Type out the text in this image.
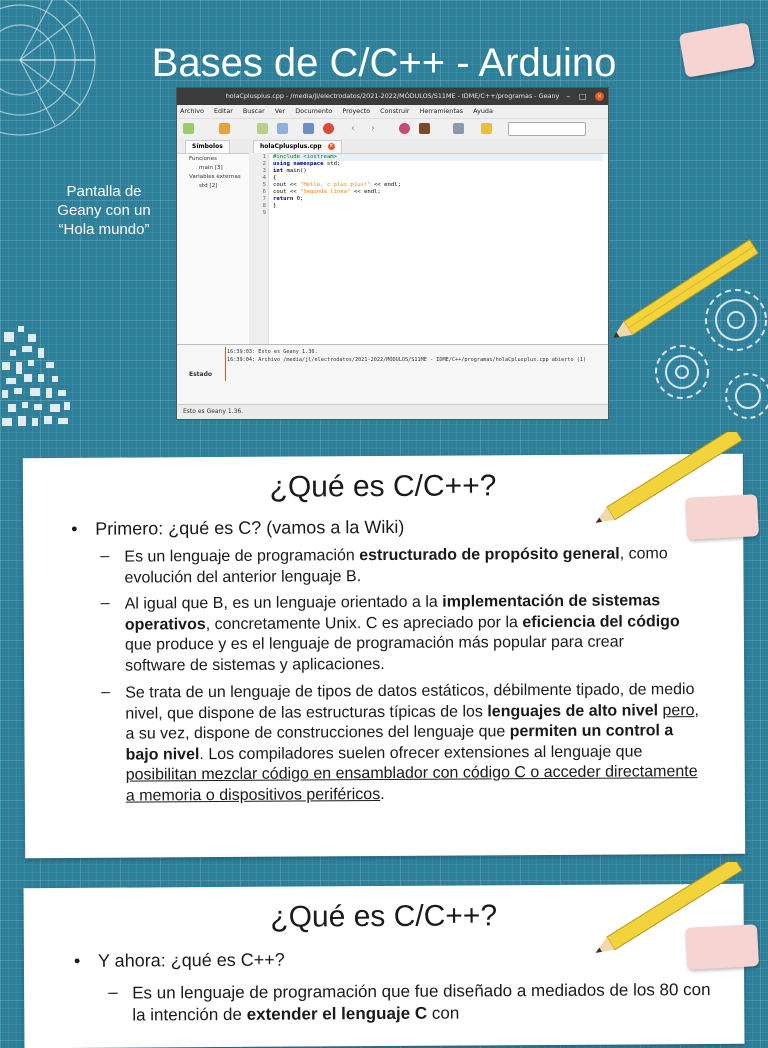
Bases de C/C++ - Arduino
Pantalla de
Geany con un
“Hola mundo”
holaCplusplus.cpp - /media/jl/electrodatos/2021-2022/MÓDULOS/S11ME - IDME/C++/programas - Geany – □ ×
Archivo Editar Buscar Ver Documento Proyecto Construir Herramientas Ayuda
‹	›
Símbolos
Funciones
main [3]
Variables externas
std [2]
holaCplusplus.cpp ×
1
2
3
4
5
6
7
8
9
#include <iostream>
using namespace std;
int main()
{
cout << "Hello, c plus plus!" << endl;
cout << "Segunda línea" << endl;
return 0;
}
Estado
16:39:03: Esto es Geany 1.36.
16:39:04: Archivo /media/jl/electrodatos/2021-2022/MÓDULOS/S11ME - IDME/C++/programas/holaCplusplus.cpp abierto (1)
Esto es Geany 1.36.
¿Qué es C/C++?
• Primero: ¿qué es C? (vamos a la Wiki)
– Es un lenguaje de programación estructurado de propósito general, como evolución del anterior lenguaje B.
– Al igual que B, es un lenguaje orientado a la implementación de sistemas operativos, concretamente Unix. C es apreciado por la eficiencia del código que produce y es el lenguaje de programación más popular para crear software de sistemas y aplicaciones.
– Se trata de un lenguaje de tipos de datos estáticos, débilmente tipado, de medio nivel, que dispone de las estructuras típicas de los lenguajes de alto nivel pero, a su vez, dispone de construcciones del lenguaje que permiten un control a bajo nivel. Los compiladores suelen ofrecer extensiones al lenguaje que posibilitan mezclar código en ensamblador con código C o acceder directamente a memoria o dispositivos periféricos.
¿Qué es C/C++?
• Y ahora: ¿qué es C++?
– Es un lenguaje de programación que fue diseñado a mediados de los 80 con la intención de extender el lenguaje C con
